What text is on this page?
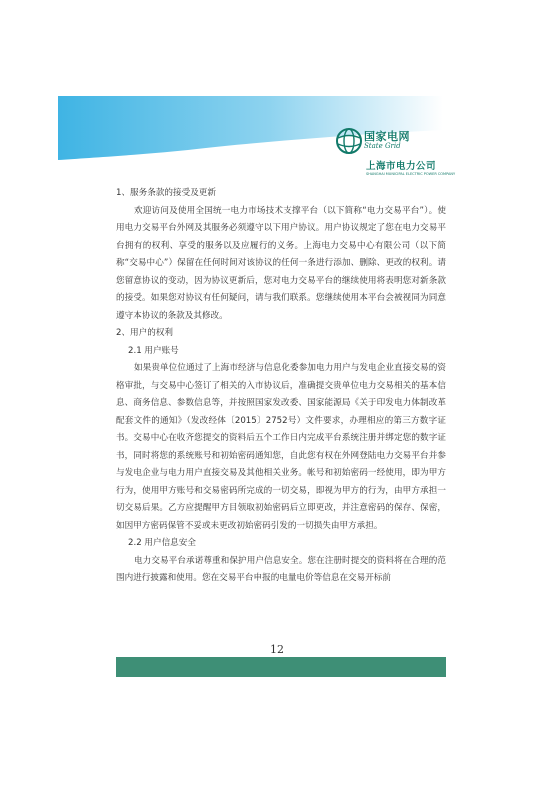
国家电网
State Grid
上海市电力公司
SHANGHAI MUNICIPAL ELECTRIC POWER COMPANY

1、服务条款的接受及更新

欢迎访问及使用全国统一电力市场技术支撑平台（以下简称“电力交易平台”）。使用电力交易平台外网及其服务必须遵守以下用户协议。用户协议规定了您在电力交易平台拥有的权利、享受的服务以及应履行的义务。上海电力交易中心有限公司（以下简称“交易中心”）保留在任何时间对该协议的任何一条进行添加、删除、更改的权利。请您留意协议的变动，因为协议更新后，您对电力交易平台的继续使用将表明您对新条款的接受。如果您对协议有任何疑问，请与我们联系。您继续使用本平台会被视同为同意遵守本协议的条款及其修改。

2、用户的权利

2.1 用户账号

如果贵单位位通过了上海市经济与信息化委参加电力用户与发电企业直接交易的资格审批，与交易中心签订了相关的入市协议后，准确提交贵单位电力交易相关的基本信息、商务信息、参数信息等，并按照国家发改委、国家能源局《关于印发电力体制改革配套文件的通知》（发改经体〔2015〕2752号）文件要求，办理相应的第三方数字证书。交易中心在收齐您提交的资料后五个工作日内完成平台系统注册并绑定您的数字证书，同时将您的系统账号和初始密码通知您，自此您有权在外网登陆电力交易平台并参与发电企业与电力用户直接交易及其他相关业务。帐号和初始密码一经使用，即为甲方行为，使用甲方账号和交易密码所完成的一切交易，即视为甲方的行为，由甲方承担一切交易后果。乙方应提醒甲方目领取初始密码后立即更改，并注意密码的保存、保密，如因甲方密码保管不妥或未更改初始密码引发的一切损失由甲方承担。

2.2 用户信息安全

电力交易平台承诺尊重和保护用户信息安全。您在注册时提交的资料将在合理的范围内进行披露和使用。您在交易平台申报的电量电价等信息在交易开标前

12
